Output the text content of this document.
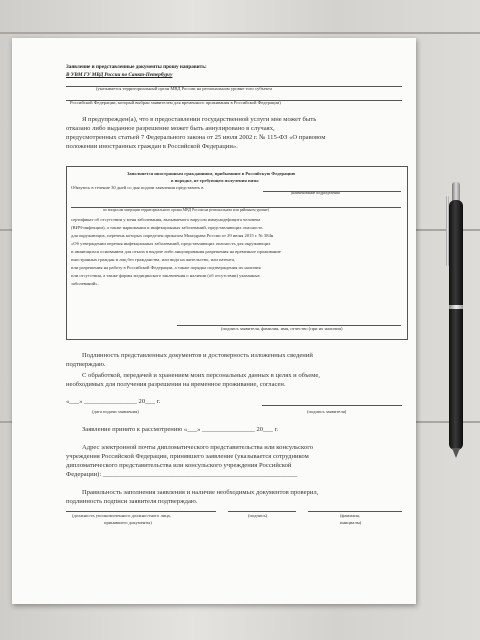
Заявление и представленные документы прошу направить:
В УВМ ГУ МВД России по Санкт-Петербургу
(указывается территориальный орган МВД России на региональном уровне того субъекта
Российской Федерации, который выбран заявителем для временного проживания в Российской Федерации)
Я предупрежден(а), что в предоставлении государственной услуги мне может быть
отказано либо выданное разрешение может быть аннулировано в случаях,
предусмотренных статьей 7 Федерального закона от 25 июля 2002 г. № 115-ФЗ «О правовом
положении иностранных граждан в Российской Федерации».
Заполняется иностранным гражданином, прибывшим в Российскую Федерацию
в порядке, не требующем получения визы
Обязуюсь в течение 30 дней со дня подачи заявления представить в
(наименование подразделения
по вопросам миграции территориального органа МВД России на региональном или районном уровне)
сертификат об отсутствии у меня заболевания, вызываемого вирусом иммунодефицита человека
(ВИЧ-инфекции), а также наркомании и инфекционных заболеваний, представляющих опасность
для окружающих, перечень которых определен приказом Минздрава России от 29 июня 2015 г. № 384н
«Об утверждении перечня инфекционных заболеваний, представляющих опасность для окружающих
и являющихся основанием для отказа в выдаче либо аннулирования разрешения на временное проживание
иностранных граждан и лиц без гражданства, или вида на жительство, или патента,
или разрешения на работу в Российской Федерации, а также порядка подтверждения их наличия
или отсутствия, а также формы медицинского заключения о наличии (об отсутствии) указанных
заболеваний».
(подпись заявителя, фамилия, имя, отчество (при их наличии)
Подлинность представленных документов и достоверность изложенных сведений
подтверждаю.
С обработкой, передачей и хранением моих персональных данных в целях и объеме,
необходимых для получения разрешения на временное проживание, согласен.
«___» ________________ 20___ г.
(дата подачи заявления)	(подпись заявителя)
Заявление принято к рассмотрению «___» ________________ 20___ г.
Адрес электронной почты дипломатического представительства или консульского
учреждения Российской Федерации, принявшего заявление (указывается сотрудником
дипломатического представительства или консульского учреждения Российской
Федерации): ___________________________________________________________
Правильность заполнения заявления и наличие необходимых документов проверил,
подлинность подписи заявителя подтверждаю.
(должность уполномоченного должностного лица,
принявшего документы)
(подпись)	(фамилия,
инициалы)
